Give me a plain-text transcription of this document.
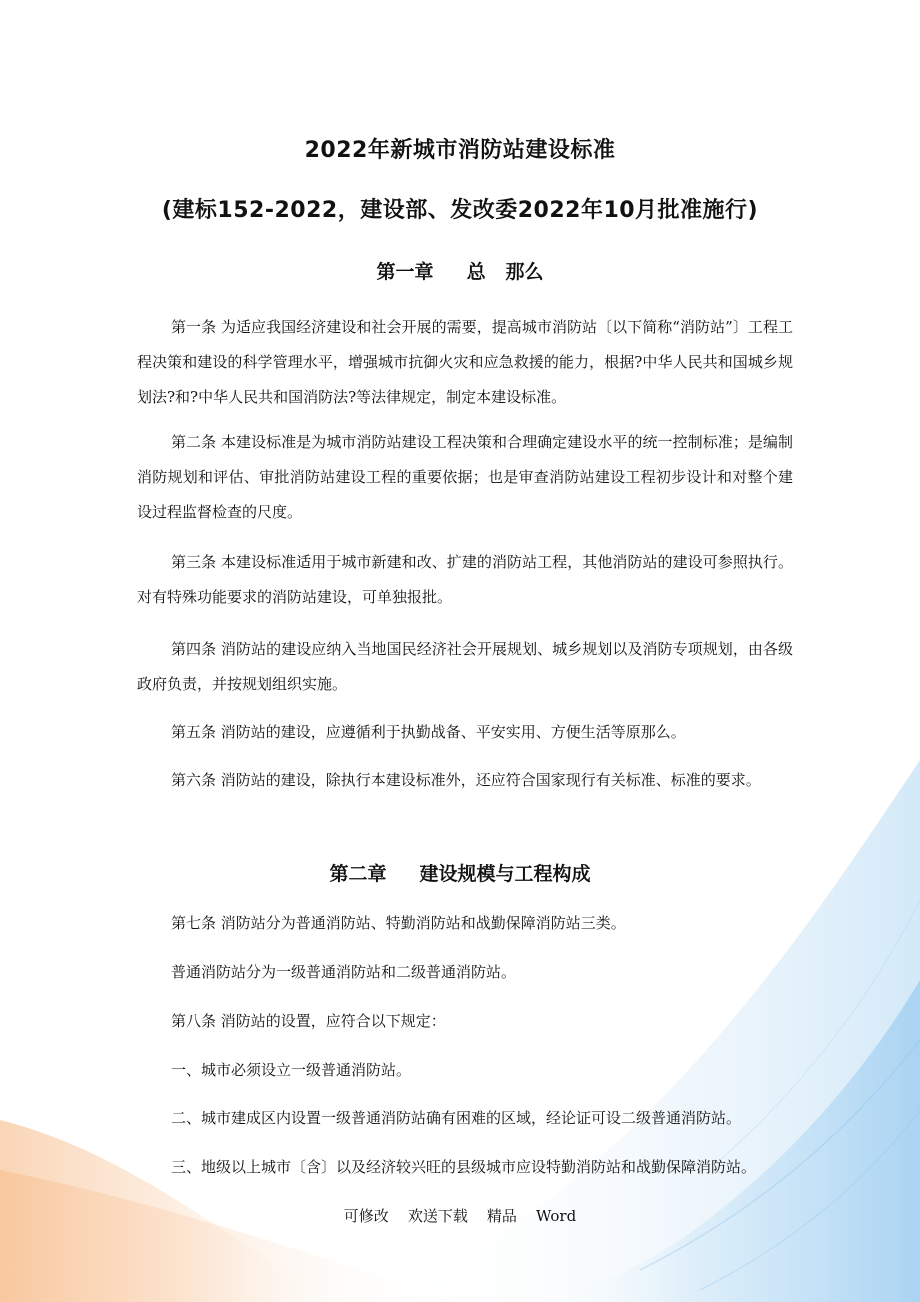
2022年新城市消防站建设标准
(建标152-2022，建设部、发改委2022年10月批准施行)
第一章     总   那么

第一条 为适应我国经济建设和社会开展的需要，提高城市消防站〔以下简称“消防站”〕工程工程决策和建设的科学管理水平，增强城市抗御火灾和应急救援的能力，根据?中华人民共和国城乡规划法?和?中华人民共和国消防法?等法律规定，制定本建设标准。

第二条 本建设标准是为城市消防站建设工程决策和合理确定建设水平的统一控制标准；是编制消防规划和评估、审批消防站建设工程的重要依据；也是审查消防站建设工程初步设计和对整个建设过程监督检查的尺度。

第三条 本建设标准适用于城市新建和改、扩建的消防站工程，其他消防站的建设可参照执行。对有特殊功能要求的消防站建设，可单独报批。

第四条 消防站的建设应纳入当地国民经济社会开展规划、城乡规划以及消防专项规划，由各级政府负责，并按规划组织实施。

第五条 消防站的建设，应遵循利于执勤战备、平安实用、方便生活等原那么。

第六条 消防站的建设，除执行本建设标准外，还应符合国家现行有关标准、标准的要求。

第二章     建设规模与工程构成
第七条 消防站分为普通消防站、特勤消防站和战勤保障消防站三类。
普通消防站分为一级普通消防站和二级普通消防站。
第八条 消防站的设置，应符合以下规定：
一、城市必须设立一级普通消防站。
二、城市建成区内设置一级普通消防站确有困难的区域，经论证可设二级普通消防站。
三、地级以上城市〔含〕以及经济较兴旺的县级城市应设特勤消防站和战勤保障消防站。
可修改    欢送下载    精品    Word
